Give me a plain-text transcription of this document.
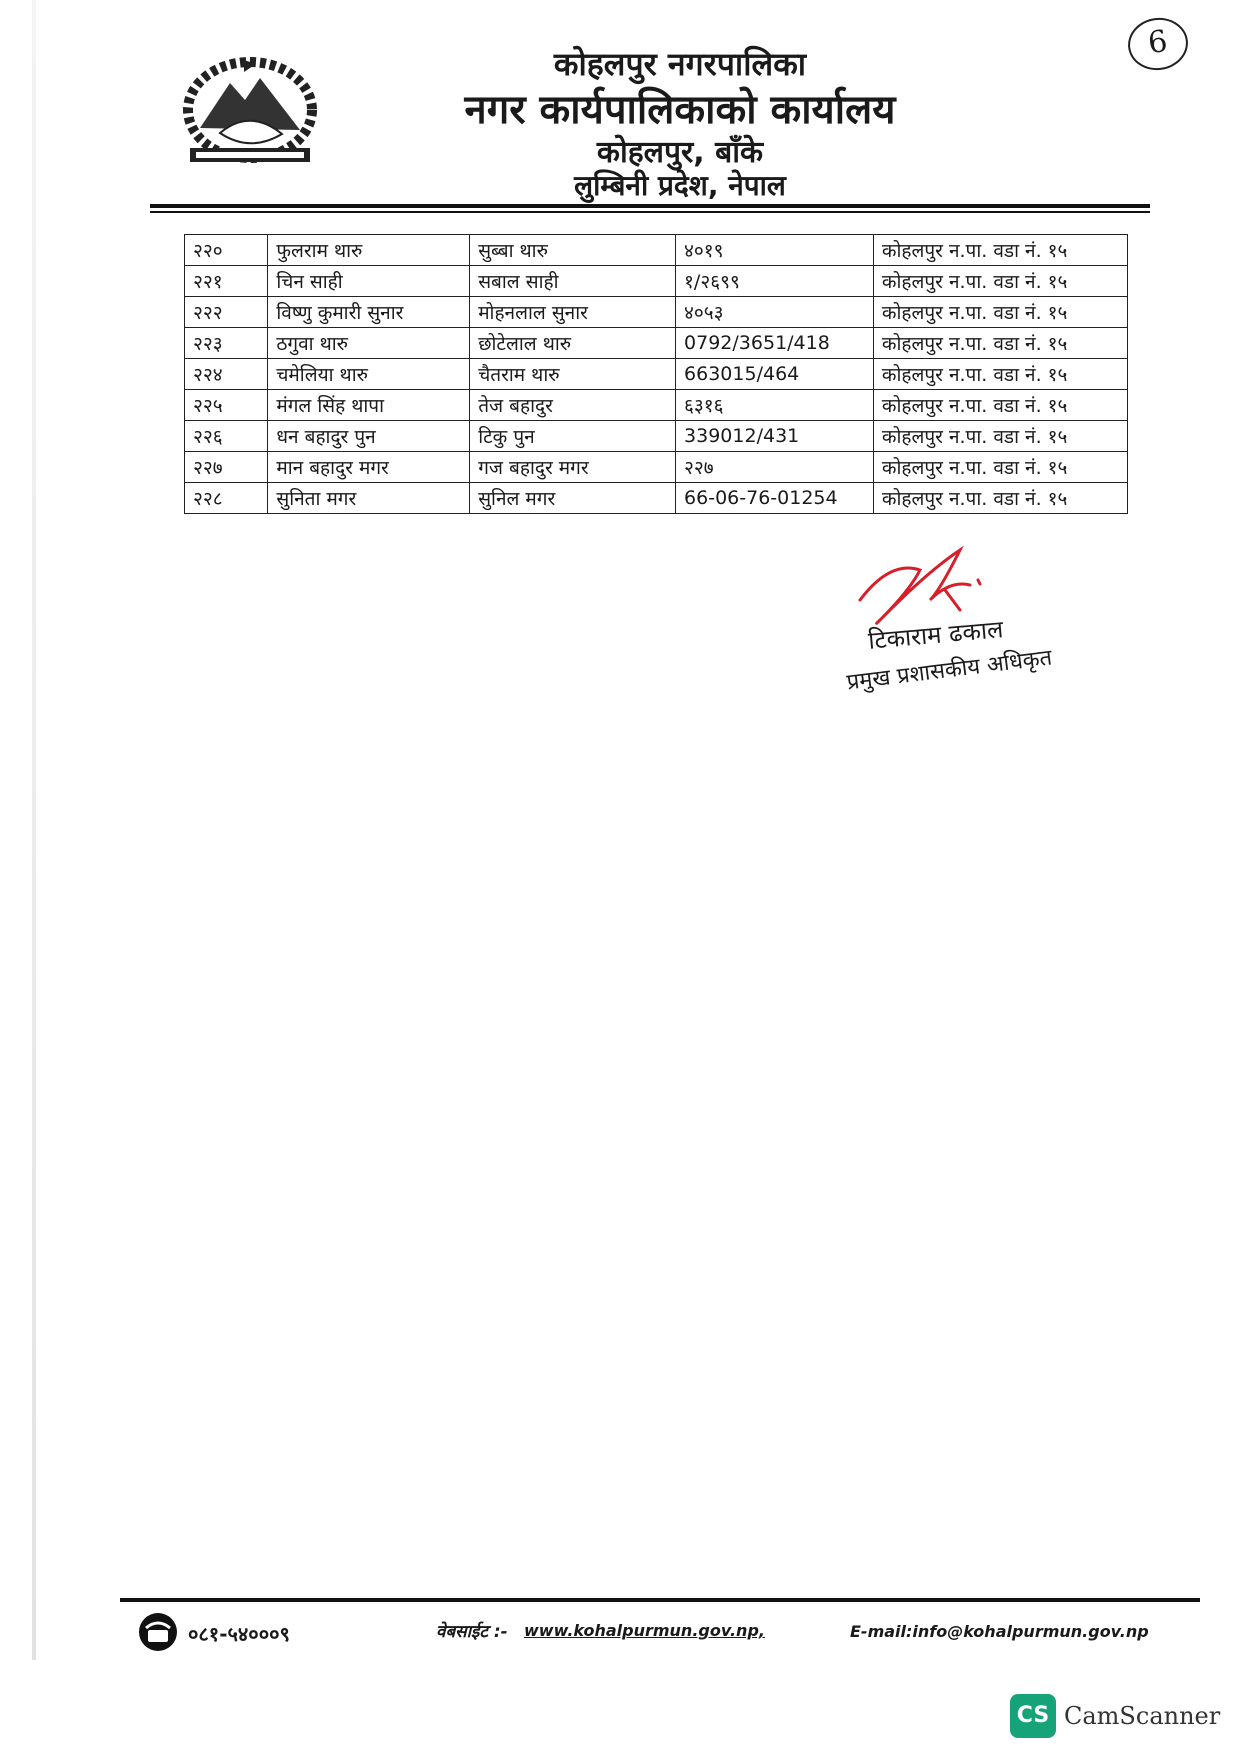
6
कोहलपुर नगरपालिका
नगर कार्यपालिकाको कार्यालय
कोहलपुर, बाँके
लुम्बिनी प्रदेश, नेपाल
२२०	फुलराम थारु	सुब्बा थारु	४०१९	कोहलपुर न.पा. वडा नं. १५
२२१	चिन साही	सबाल साही	१/२६९९	कोहलपुर न.पा. वडा नं. १५
२२२	विष्णु कुमारी सुनार	मोहनलाल सुनार	४०५३	कोहलपुर न.पा. वडा नं. १५
२२३	ठगुवा थारु	छोटेलाल थारु	0792/3651/418	कोहलपुर न.पा. वडा नं. १५
२२४	चमेलिया थारु	चैतराम थारु	663015/464	कोहलपुर न.पा. वडा नं. १५
२२५	मंगल सिंह थापा	तेज बहादुर	६३१६	कोहलपुर न.पा. वडा नं. १५
२२६	धन बहादुर पुन	टिकु पुन	339012/431	कोहलपुर न.पा. वडा नं. १५
२२७	मान बहादुर मगर	गज बहादुर मगर	२२७	कोहलपुर न.पा. वडा नं. १५
२२८	सुनिता मगर	सुनिल मगर	66-06-76-01254	कोहलपुर न.पा. वडा नं. १५
टिकाराम ढकाल
प्रमुख प्रशासकीय अधिकृत
०८१-५४०००९	वेबसाईट :- www.kohalpurmun.gov.np,	E-mail:info@kohalpurmun.gov.np
CS CamScanner
